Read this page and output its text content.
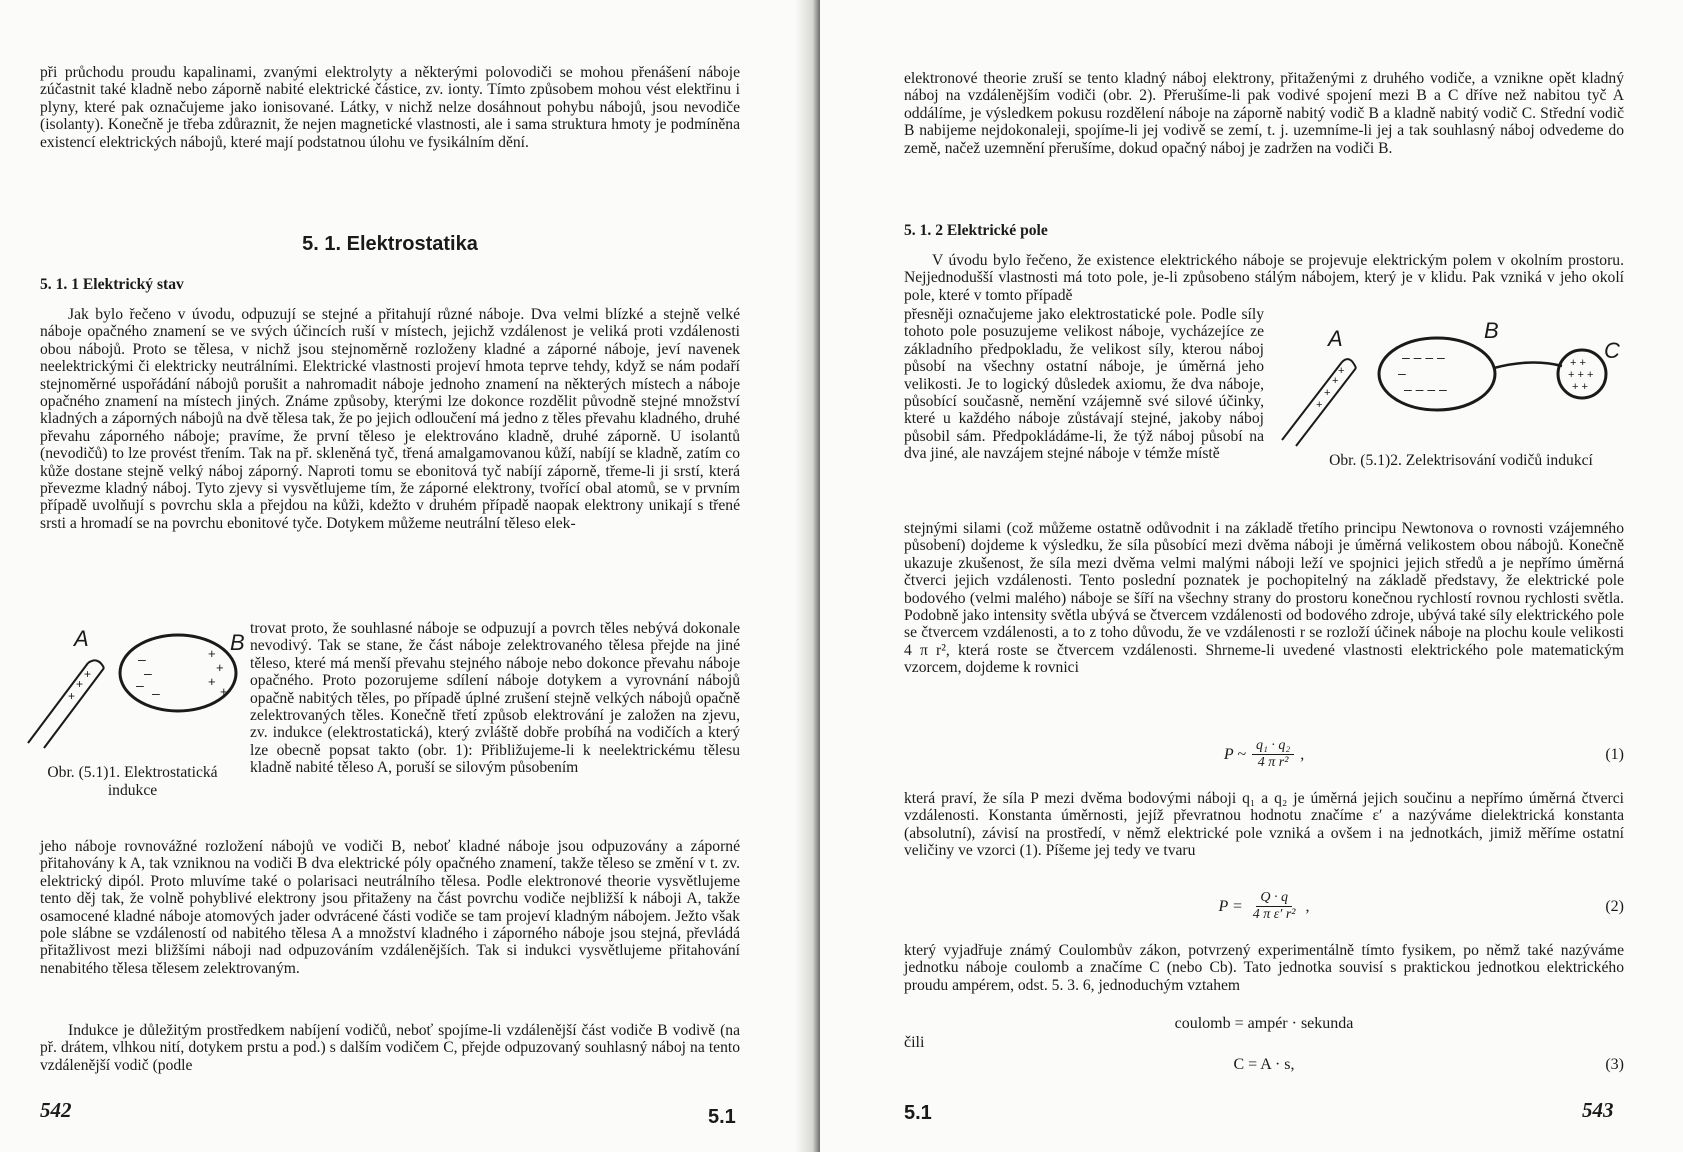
při průchodu proudu kapalinami, zvanými elektrolyty a některými polovodiči se mohou přenášení náboje zúčastnit také kladně nebo záporně nabité elektrické částice, zv. ionty. Tímto způsobem mohou vést elektřinu i plyny, které pak označujeme jako ionisované. Látky, v nichž nelze dosáhnout pohybu nábojů, jsou nevodiče (isolanty). Konečně je třeba zdůraznit, že nejen magnetické vlastnosti, ale i sama struktura hmoty je podmíněna existencí elektrických nábojů, které mají podstatnou úlohu ve fysikálním dění.

5. 1. Elektrostatika
5. 1. 1 Elektrický stav

Jak bylo řečeno v úvodu, odpuzují se stejné a přitahují různé náboje. Dva velmi blízké a stejně velké náboje opačného znamení se ve svých účincích ruší v místech, jejichž vzdálenost je veliká proti vzdálenosti obou nábojů. Proto se tělesa, v nichž jsou stejnoměrně rozloženy kladné a záporné náboje, jeví navenek neelektrickými či elektricky neutrálními. Elektrické vlastnosti projeví hmota teprve tehdy, když se nám podaří stejnoměrné uspořádání nábojů porušit a nahromadit náboje jednoho znamení na některých místech a náboje opačného znamení na místech jiných. Známe způsoby, kterými lze dokonce rozdělit původně stejné množství kladných a záporných nábojů na dvě tělesa tak, že po jejich odloučení má jedno z těles převahu kladného, druhé převahu záporného náboje; pravíme, že první těleso je elektrováno kladně, druhé záporně. U isolantů (nevodičů) to lze provést třením. Tak na př. skleněná tyč, třená amalgamovanou kůží, nabíjí se kladně, zatím co kůže dostane stejně velký náboj záporný. Naproti tomu se ebonitová tyč nabíjí záporně, třeme-li ji srstí, která převezme kladný náboj. Tyto zjevy si vysvětlujeme tím, že záporné elektrony, tvořící obal atomů, se v prvním případě uvolňují s povrchu skla a přejdou na kůži, kdežto v druhém případě naopak elektrony unikají s třené srsti a hromadí se na povrchu ebonitové tyče. Dotykem můžeme neutrální těleso elek-

+
+
+
A
–
–
– –
+
+
+
+
B
Obr. (5.1)1. Elektrostatická indukce

trovat proto, že souhlasné náboje se odpuzují a povrch těles nebývá dokonale nevodivý. Tak se stane, že část náboje zelektrovaného tělesa přejde na jiné těleso, které má menší převahu stejného náboje nebo dokonce převahu náboje opačného. Proto pozorujeme sdílení náboje dotykem a vyrovnání nábojů opačně nabitých těles, po případě úplné zrušení stejně velkých nábojů opačně zelektrovaných těles. Konečně třetí způsob elektrování je založen na zjevu, zv. indukce (elektrostatická), který zvláště dobře probíhá na vodičích a který lze obecně popsat takto (obr. 1): Přibližujeme-li k neelektrickému tělesu kladně nabité těleso A, poruší se silovým působením

jeho náboje rovnovážné rozložení nábojů ve vodiči B, neboť kladné náboje jsou odpuzovány a záporné přitahovány k A, tak vzniknou na vodiči B dva elektrické póly opačného znamení, takže těleso se změní v t. zv. elektrický dipól. Proto mluvíme také o polarisaci neutrálního tělesa. Podle elektronové theorie vysvětlujeme tento děj tak, že volně pohyblivé elektrony jsou přitaženy na část povrchu vodiče nejbližší k náboji A, takže osamocené kladné náboje atomových jader odvrácené části vodiče se tam projeví kladným nábojem. Ježto však pole slábne se vzdáleností od nabitého tělesa A a množství kladného i záporného náboje jsou stejná, převládá přitažlivost mezi bližšími náboji nad odpuzováním vzdálenějších. Tak si indukci vysvětlujeme přitahování nenabitého tělesa tělesem zelektrovaným.

Indukce je důležitým prostředkem nabíjení vodičů, neboť spojíme-li vzdálenější část vodiče B vodivě (na př. drátem, vlhkou nití, dotykem prstu a pod.) s dalším vodičem C, přejde odpuzovaný souhlasný náboj na tento vzdálenější vodič (podle

542	5.1

elektronové theorie zruší se tento kladný náboj elektrony, přitaženými z druhého vodiče, a vznikne opět kladný náboj na vzdálenějším vodiči (obr. 2). Přerušíme-li pak vodivé spojení mezi B a C dříve než nabitou tyč A oddálíme, je výsledkem pokusu rozdělení náboje na záporně nabitý vodič B a kladně nabitý vodič C. Střední vodič B nabijeme nejdokonaleji, spojíme-li jej vodivě se zemí, t. j. uzemníme-li jej a tak souhlasný náboj odvedeme do země, načež uzemnění přerušíme, dokud opačný náboj je zadržen na vodiči B.

5. 1. 2 Elektrické pole

V úvodu bylo řečeno, že existence elektrického náboje se projevuje elektrickým polem v okolním prostoru. Nejjednodušší vlastnosti má toto pole, je-li způsobeno stálým nábojem, který je v klidu. Pak vzniká v jeho okolí pole, které v tomto případě

přesněji označujeme jako elektrostatické pole. Podle síly tohoto pole posuzujeme velikost náboje, vycházejíce ze základního předpokladu, že velikost síly, kterou náboj působí na všechny ostatní náboje, je úměrná jeho velikosti. Je to logický důsledek axiomu, že dva náboje, působící současně, nemění vzájemně své silové účinky, které u každého náboje zůstávají stejné, jakoby náboj působil sám. Předpokládáme-li, že týž náboj působí na dva jiné, ale navzájem stejné náboje v témže místě

+
+
+
+
A
– – – –
–
– – – –
+ +
+ + +
+ +
B
C
Obr. (5.1)2. Zelektrisování vodičů indukcí

stejnými silami (což můžeme ostatně odůvodnit i na základě třetího principu Newtonova o rovnosti vzájemného působení) dojdeme k výsledku, že síla působící mezi dvěma náboji je úměrná velikostem obou nábojů. Konečně ukazuje zkušenost, že síla mezi dvěma velmi malými náboji leží ve spojnici jejich středů a je nepřímo úměrná čtverci jejich vzdálenosti. Tento poslední poznatek je pochopitelný na základě představy, že elektrické pole bodového (velmi malého) náboje se šíří na všechny strany do prostoru konečnou rychlostí rovnou rychlosti světla. Podobně jako intensity světla ubývá se čtvercem vzdálenosti od bodového zdroje, ubývá také síly elektrického pole se čtvercem vzdálenosti, a to z toho důvodu, že ve vzdálenosti r se rozloží účinek náboje na plochu koule velikosti 4 π r², která roste se čtvercem vzdálenosti. Shrneme-li uvedené vlastnosti elektrického pole matematickým vzorcem, dojdeme k rovnici

P ~ $\frac{\text{q₁ · q₂}}{\text{4 π r²}}$ ,	(1)

která praví, že síla P mezi dvěma bodovými náboji q₁ a q₂ je úměrná jejich součinu a nepřímo úměrná čtverci vzdálenosti. Konstanta úměrnosti, jejíž převratnou hodnotu značíme ε′ a nazýváme dielektrická konstanta (absolutní), závisí na prostředí, v němž elektrické pole vzniká a ovšem i na jednotkách, jimiž měříme ostatní veličiny ve vzorci (1). Píšeme jej tedy ve tvaru

$P = \frac{Q \cdot q}{\text{4 π ε′ r²}}$ ,	(2)

který vyjadřuje známý Coulombův zákon, potvrzený experimentálně tímto fysikem, po němž také nazýváme jednotku náboje coulomb a značíme C (nebo Cb). Tato jednotka souvisí s praktickou jednotkou elektrického proudu ampérem, odst. 5. 3. 6, jednoduchým vztahem

coulomb = ampér · sekunda
čili
C = A · s,	(3)
5.1	543
